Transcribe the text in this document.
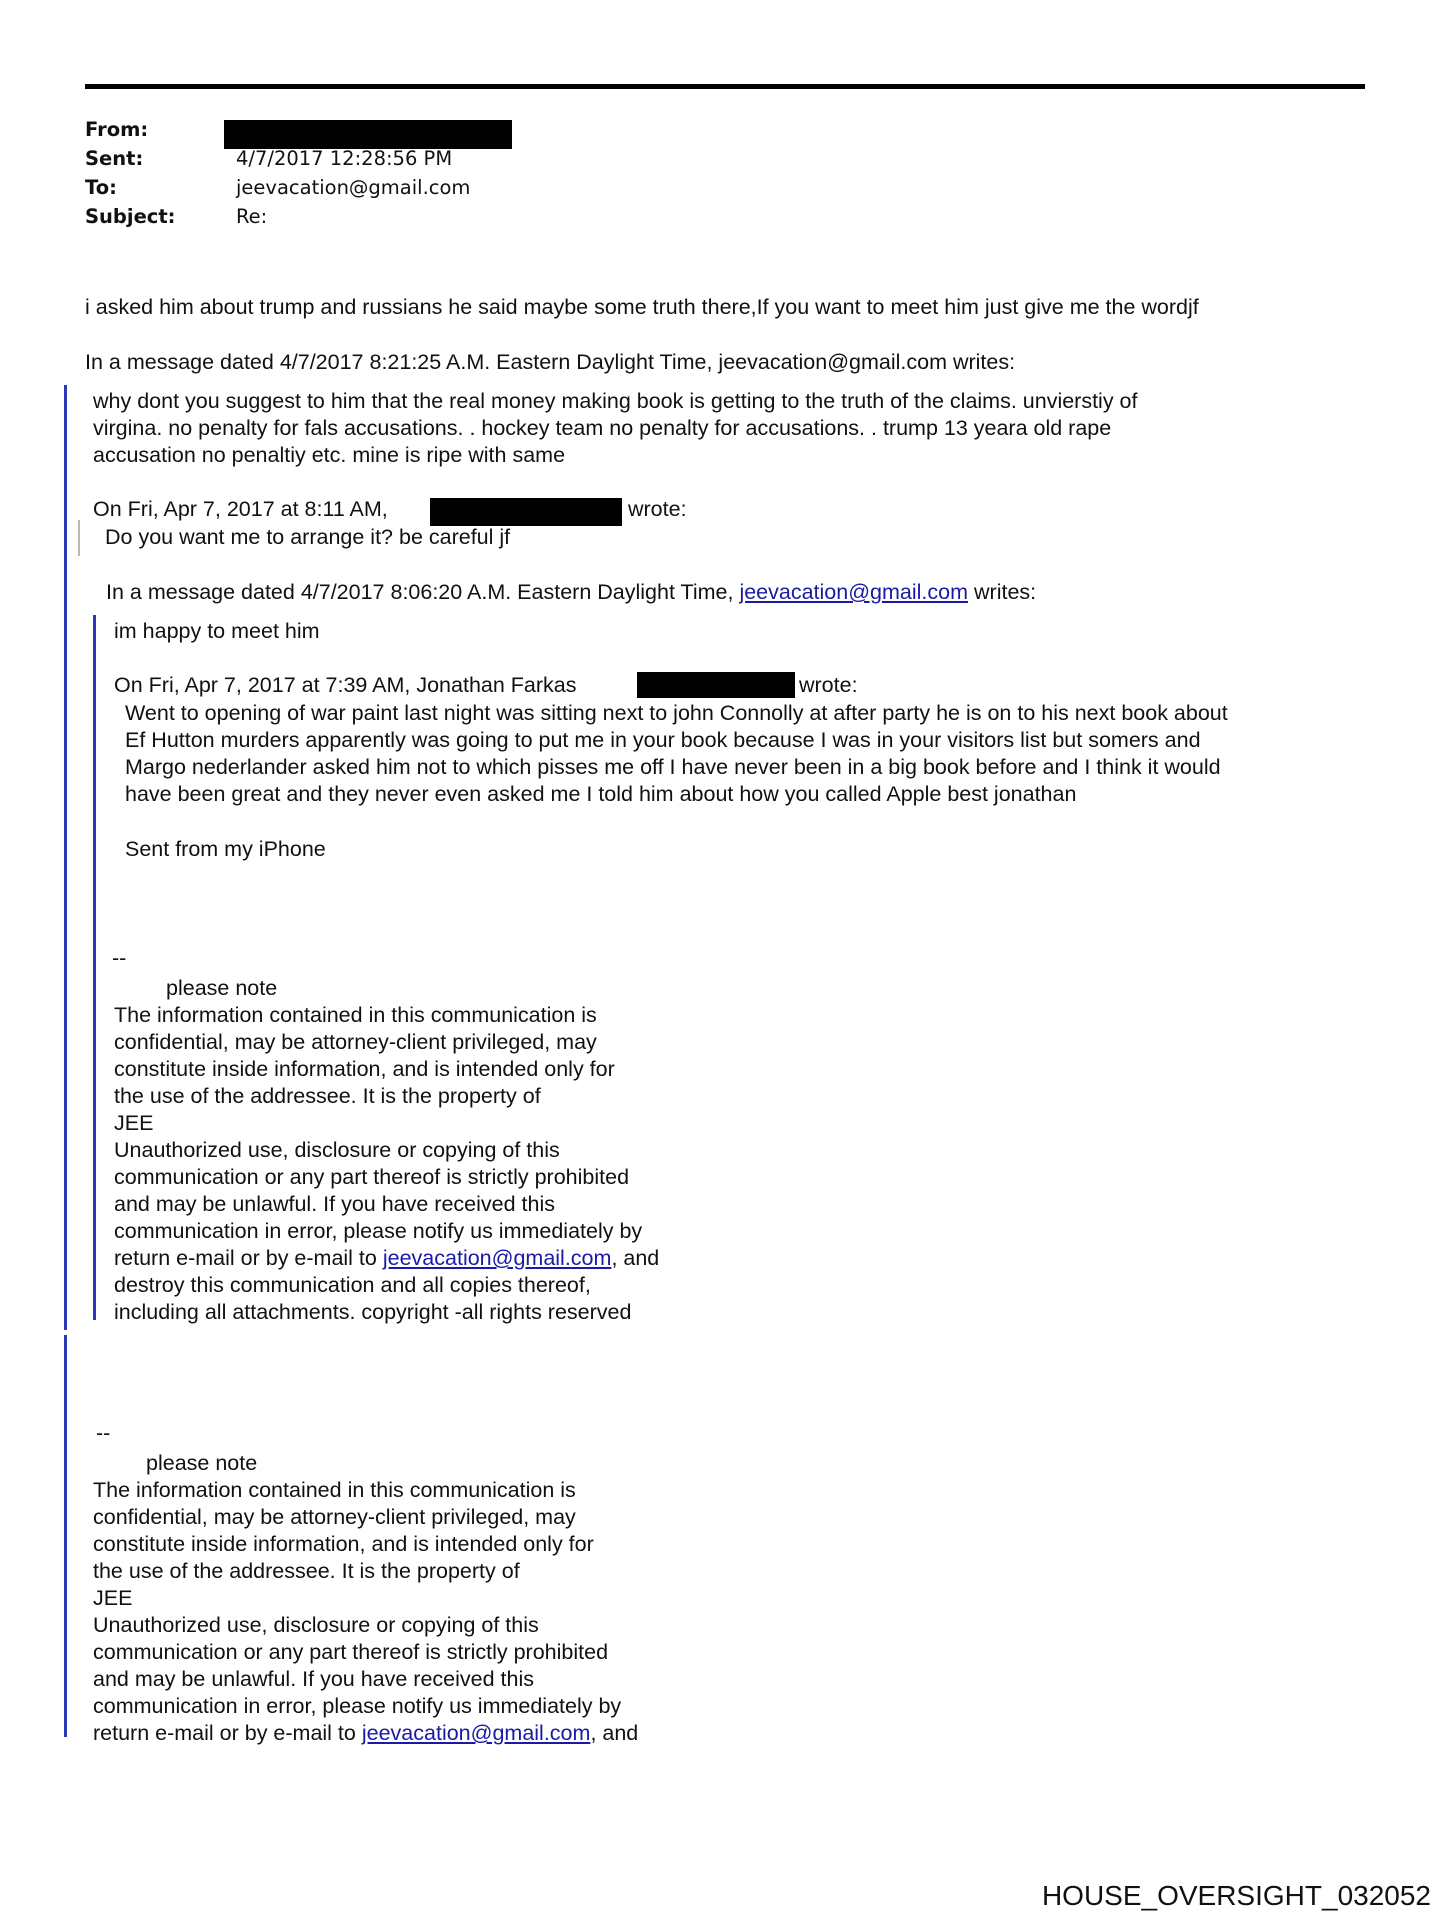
From:
Sent:	4/7/2017 12:28:56 PM
To:	jeevacation@gmail.com
Subject:	Re:
i asked him about trump and russians he said maybe some truth there,If you want to meet him just give me the wordjf
In a message dated 4/7/2017 8:21:25 A.M. Eastern Daylight Time, jeevacation@gmail.com writes:
why dont you suggest to him that the real money making book is getting to the truth of the claims. unvierstiy of
virgina. no penalty for fals accusations. . hockey team no penalty for accusations. . trump 13 yeara old rape
accusation no penaltiy etc. mine is ripe with same
On Fri, Apr 7, 2017 at 8:11 AM,	wrote:
Do you want me to arrange it? be careful jf
In a message dated 4/7/2017 8:06:20 A.M. Eastern Daylight Time, jeevacation@gmail.com writes:
im happy to meet him
On Fri, Apr 7, 2017 at 7:39 AM, Jonathan Farkas	wrote:
Went to opening of war paint last night was sitting next to john Connolly at after party he is on to his next book about
Ef Hutton murders apparently was going to put me in your book because I was in your visitors list but somers and
Margo nederlander asked him not to which pisses me off I have never been in a big book before and I think it would
have been great and they never even asked me I told him about how you called Apple best jonathan
Sent from my iPhone
--
please note
The information contained in this communication is
confidential, may be attorney-client privileged, may
constitute inside information, and is intended only for
the use of the addressee. It is the property of
JEE
Unauthorized use, disclosure or copying of this
communication or any part thereof is strictly prohibited
and may be unlawful. If you have received this
communication in error, please notify us immediately by
return e-mail or by e-mail to jeevacation@gmail.com, and
destroy this communication and all copies thereof,
including all attachments. copyright -all rights reserved
--
please note
The information contained in this communication is
confidential, may be attorney-client privileged, may
constitute inside information, and is intended only for
the use of the addressee. It is the property of
JEE
Unauthorized use, disclosure or copying of this
communication or any part thereof is strictly prohibited
and may be unlawful. If you have received this
communication in error, please notify us immediately by
return e-mail or by e-mail to jeevacation@gmail.com, and
HOUSE_OVERSIGHT_032052
